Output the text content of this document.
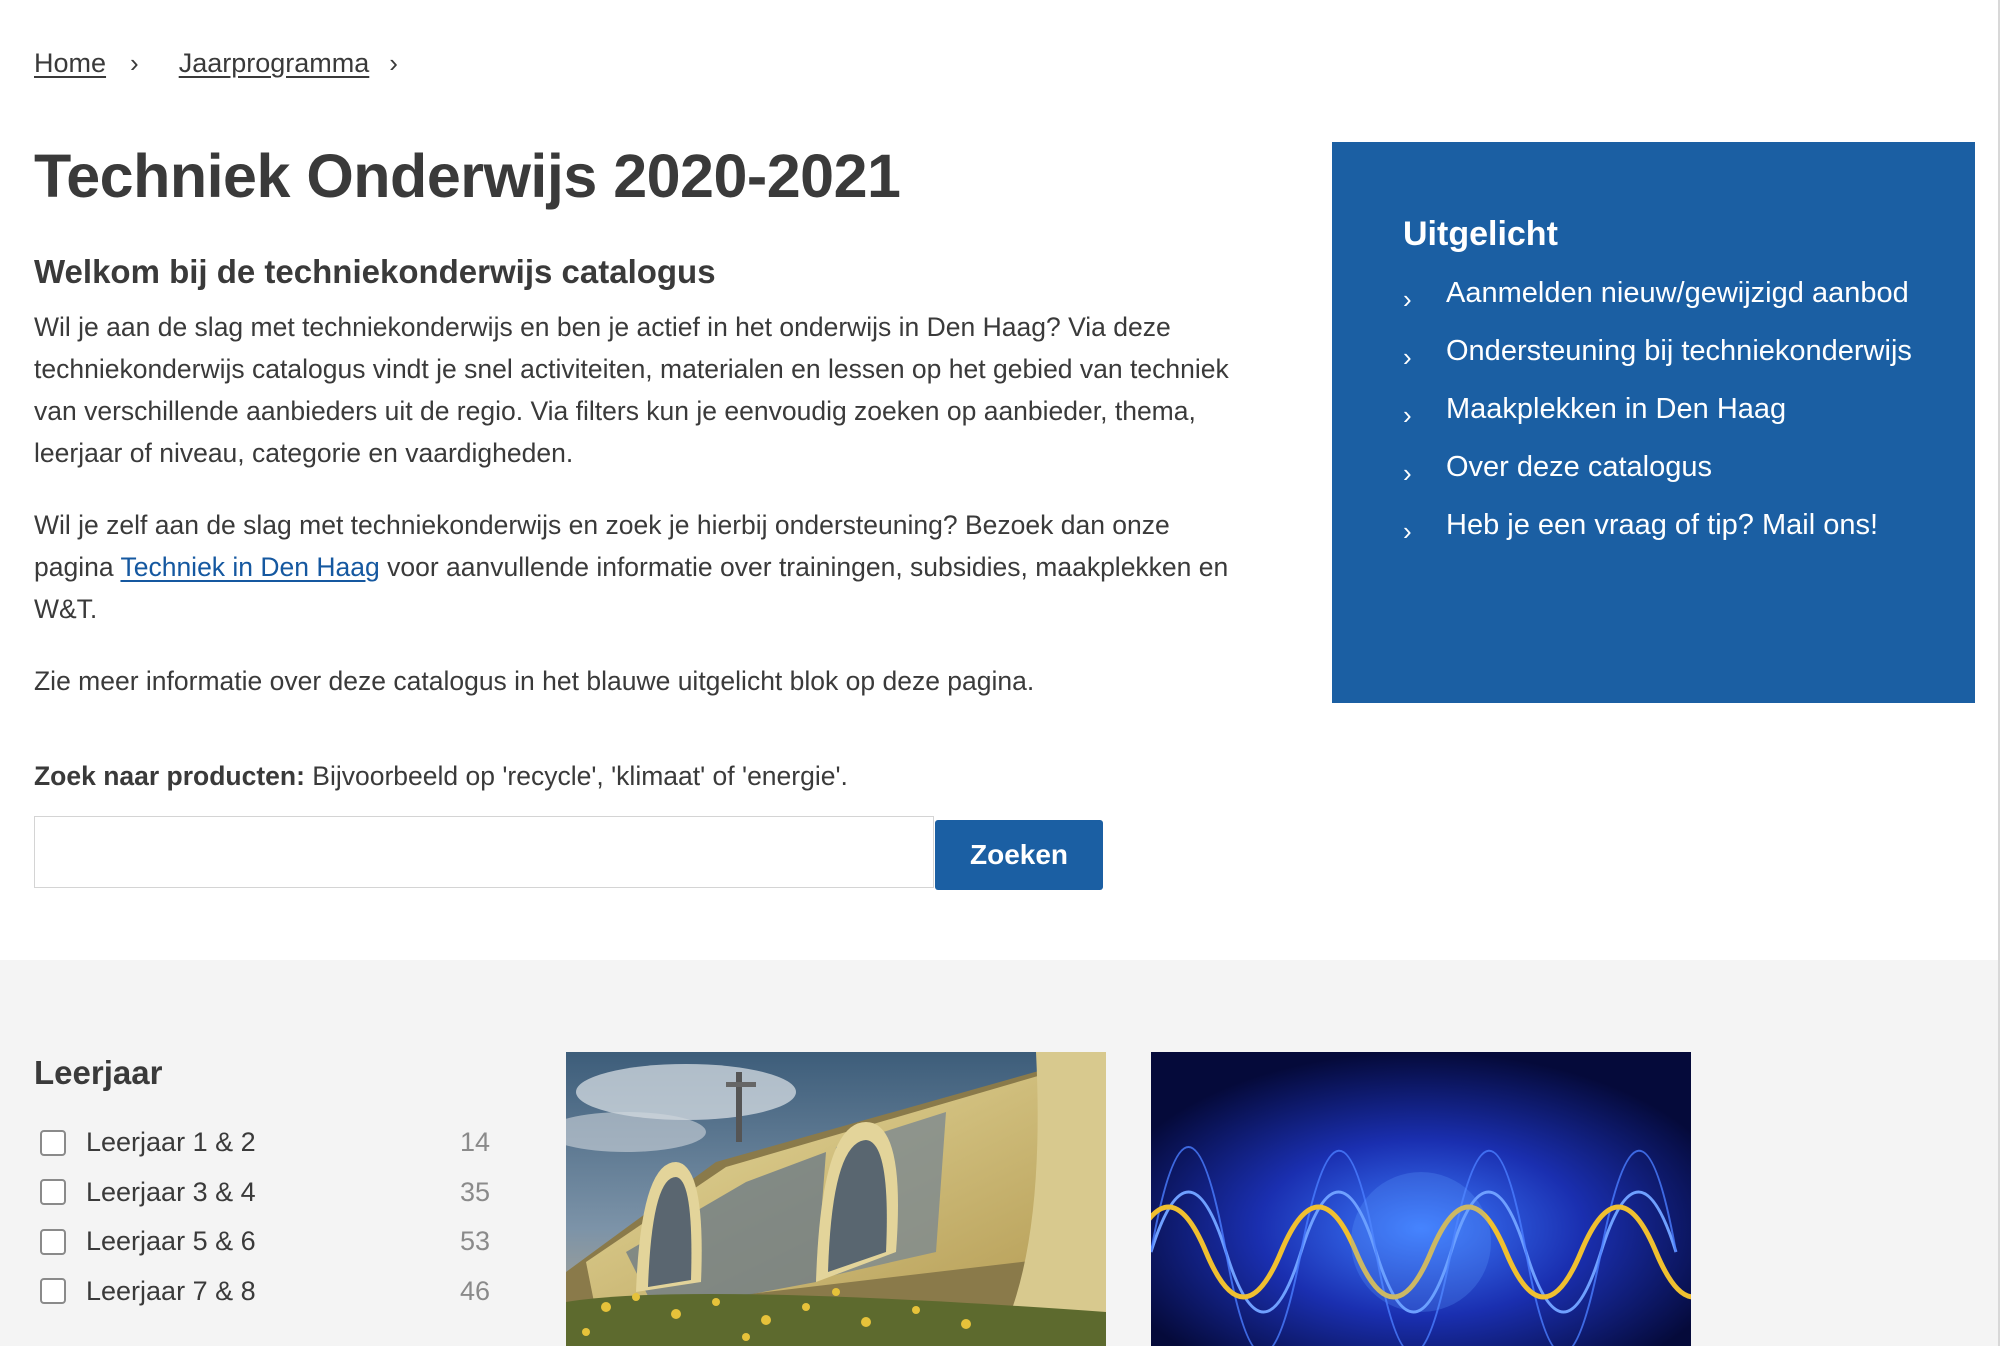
Home › Jaarprogramma ›
Techniek Onderwijs 2020-2021
Welkom bij de techniekonderwijs catalogus

Wil je aan de slag met techniekonderwijs en ben je actief in het onderwijs in Den Haag? Via deze techniekonderwijs catalogus vindt je snel activiteiten, materialen en lessen op het gebied van techniek van verschillende aanbieders uit de regio. Via filters kun je eenvoudig zoeken op aanbieder, thema, leerjaar of niveau, categorie en vaardigheden.

Wil je zelf aan de slag met techniekonderwijs en zoek je hierbij ondersteuning? Bezoek dan onze pagina Techniek in Den Haag voor aanvullende informatie over trainingen, subsidies, maakplekken en W&T.

Zie meer informatie over deze catalogus in het blauwe uitgelicht blok op deze pagina.

Zoek naar producten: Bijvoorbeeld op 'recycle', 'klimaat' of 'energie'.
Zoeken
Uitgelicht
›	Aanmelden nieuw/gewijzigd aanbod
›	Ondersteuning bij techniekonderwijs
›	Maakplekken in Den Haag
›	Over deze catalogus
›	Heb je een vraag of tip? Mail ons!
Leerjaar
Leerjaar 1 & 2	14
Leerjaar 3 & 4	35
Leerjaar 5 & 6	53
Leerjaar 7 & 8	46
